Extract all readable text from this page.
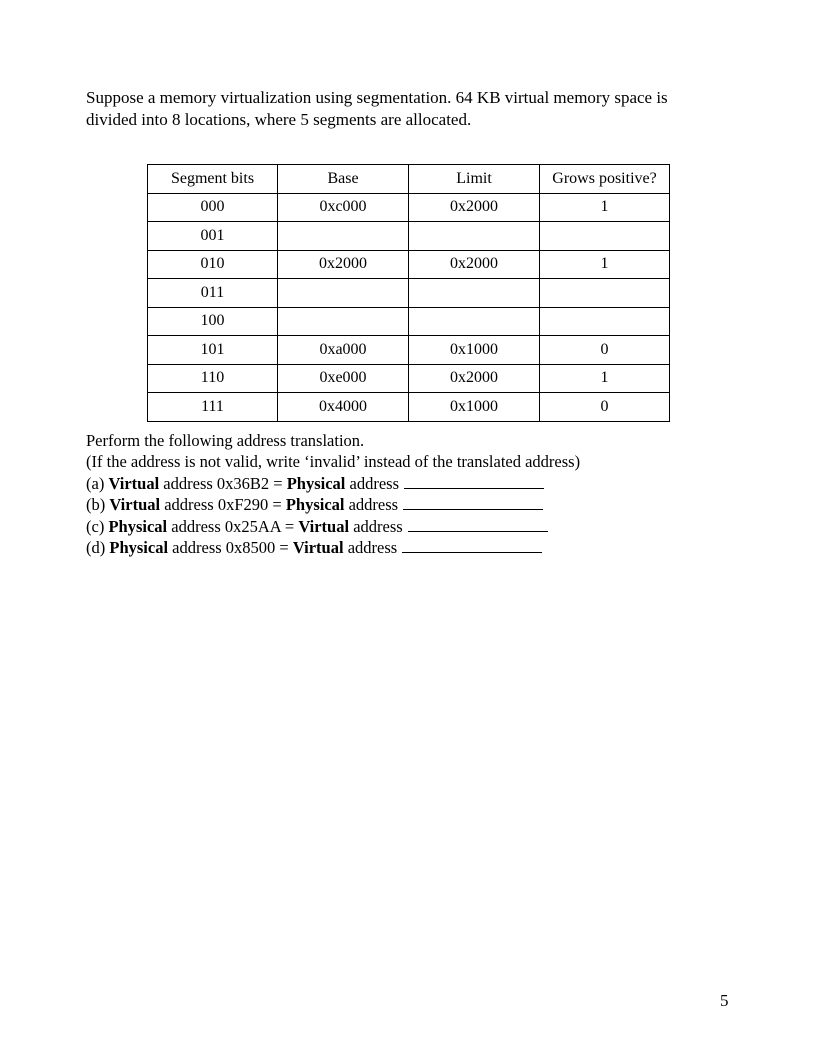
Suppose a memory virtualization using segmentation. 64 KB virtual memory space is
divided into 8 locations, where 5 segments are allocated.

Segment bits	Base	Limit	Grows positive?
000	0xc000	0x2000	1
001			
010	0x2000	0x2000	1
011			
100			
101	0xa000	0x1000	0
110	0xe000	0x2000	1
111	0x4000	0x1000	0
Perform the following address translation.
(If the address is not valid, write ‘invalid’ instead of the translated address)
(a) Virtual address 0x36B2 = Physical address
(b) Virtual address 0xF290 = Physical address
(c) Physical address 0x25AA = Virtual address
(d) Physical address 0x8500 = Virtual address
5
